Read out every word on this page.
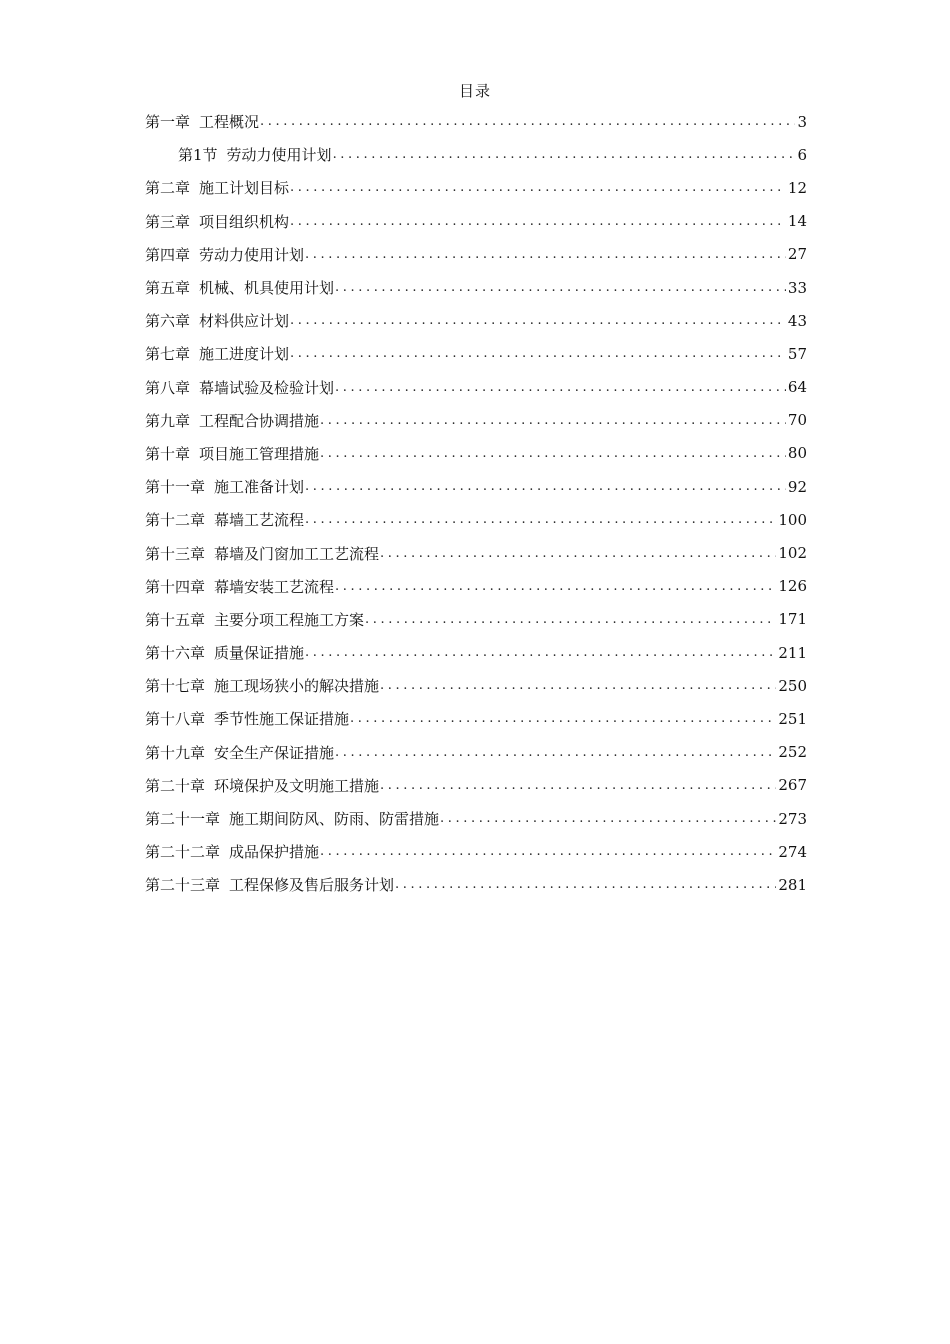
目录
第一章 工程概况 .....	3
第1节 劳动力使用计划 .....	6
第二章 施工计划目标 .....	12
第三章 项目组织机构 .....	14
第四章 劳动力使用计划 .....	27
第五章 机械、机具使用计划 .....	33
第六章 材料供应计划 .....	43
第七章 施工进度计划 .....	57
第八章 幕墙试验及检验计划 .....	64
第九章 工程配合协调措施 .....	70
第十章 项目施工管理措施 .....	80
第十一章 施工准备计划 .....	92
第十二章 幕墙工艺流程 .....	100
第十三章 幕墙及门窗加工工艺流程 .....	102
第十四章 幕墙安装工艺流程 .....	126
第十五章 主要分项工程施工方案 .....	171
第十六章 质量保证措施 .....	211
第十七章 施工现场狭小的解决措施 .....	250
第十八章 季节性施工保证措施 .....	251
第十九章 安全生产保证措施 .....	252
第二十章 环境保护及文明施工措施 .....	267
第二十一章 施工期间防风、防雨、防雷措施 .....	273
第二十二章 成品保护措施 .....	274
第二十三章 工程保修及售后服务计划 .....	281
